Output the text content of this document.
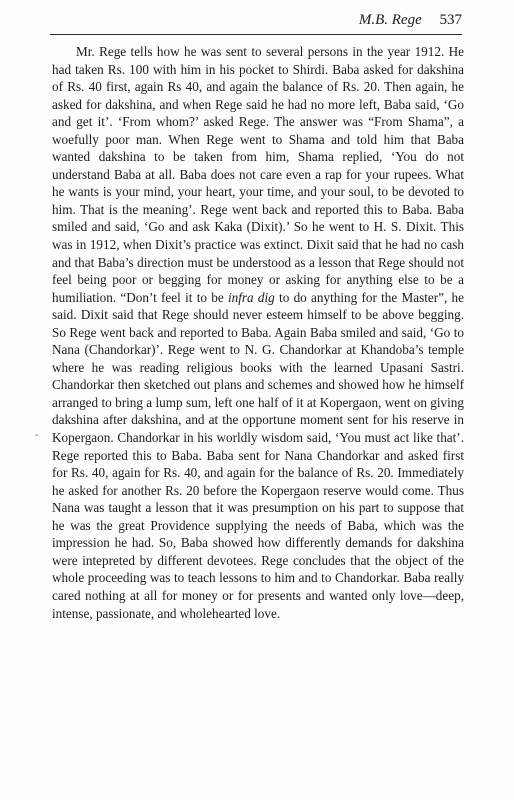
M.B. Rege 537
-

Mr. Rege tells how he was sent to several persons in the year 1912. He had taken Rs. 100 with him in his pocket to Shirdi. Baba asked for dakshina of Rs. 40 first, again Rs 40, and again the balance of Rs. 20. Then again, he asked for dakshina, and when Rege said he had no more left, Baba said, ‘Go and get it’. ‘From whom?’ asked Rege. The answer was “From Shama”, a woefully poor man. When Rege went to Shama and told him that Baba wanted dakshina to be taken from him, Shama replied, ‘You do not understand Baba at all. Baba does not care even a rap for your rupees. What he wants is your mind, your heart, your time, and your soul, to be devoted to him. That is the meaning’. Rege went back and reported this to Baba. Baba smiled and said, ‘Go and ask Kaka (Dixit).’ So he went to H. S. Dixit. This was in 1912, when Dixit’s practice was extinct. Dixit said that he had no cash and that Baba’s direction must be understood as a lesson that Rege should not feel being poor or begging for money or asking for anything else to be a humiliation. “Don’t feel it to be infra dig to do anything for the Master”, he said. Dixit said that Rege should never esteem himself to be above begging. So Rege went back and reported to Baba. Again Baba smiled and said, ‘Go to Nana (Chandorkar)’. Rege went to N. G. Chandorkar at Khandoba’s temple where he was reading religious books with the learned Upasani Sastri. Chandorkar then sketched out plans and schemes and showed how he himself arranged to bring a lump sum, left one half of it at Kopergaon, went on giving dakshina after dakshina, and at the opportune moment sent for his reserve in Kopergaon. Chandorkar in his worldly wisdom said, ‘You must act like that’. Rege reported this to Baba. Baba sent for Nana Chandorkar and asked first for Rs. 40, again for Rs. 40, and again for the balance of Rs. 20. Immediately he asked for another Rs. 20 before the Kopergaon reserve would come. Thus Nana was taught a lesson that it was presumption on his part to suppose that he was the great Providence supplying the needs of Baba, which was the impression he had. So, Baba showed how differently demands for dakshina were intepreted by different devotees. Rege concludes that the object of the whole proceeding was to teach lessons to him and to Chandorkar. Baba really cared nothing at all for money or for presents and wanted only love—deep, intense, passionate, and wholehearted love.
